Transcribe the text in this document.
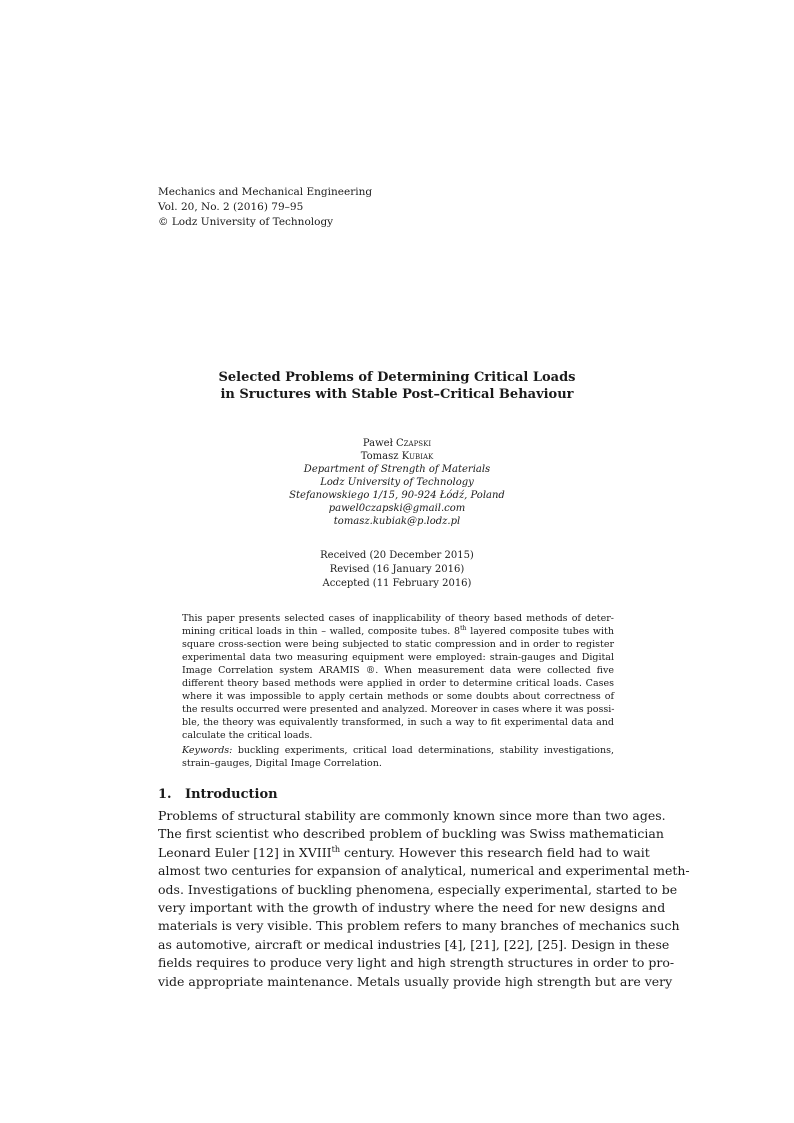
Mechanics and Mechanical Engineering
Vol. 20, No. 2 (2016) 79–95
© Lodz University of Technology
Selected Problems of Determining Critical Loads
in Sructures with Stable Post–Critical Behaviour
Paweł Czapski
Tomasz Kubiak
Department of Strength of Materials
Lodz University of Technology
Stefanowskiego 1/15, 90-924 Łódź, Poland
pawel0czapski@gmail.com
tomasz.kubiak@p.lodz.pl
Received (20 December 2015)
Revised (16 January 2016)
Accepted (11 February 2016)
This paper presents selected cases of inapplicability of theory based methods of deter-
mining critical loads in thin – walled, composite tubes. 8th layered composite tubes with
square cross-section were being subjected to static compression and in order to register
experimental data two measuring equipment were employed: strain-gauges and Digital
Image Correlation system ARAMIS ®. When measurement data were collected five
different theory based methods were applied in order to determine critical loads. Cases
where it was impossible to apply certain methods or some doubts about correctness of
the results occurred were presented and analyzed. Moreover in cases where it was possi-
ble, the theory was equivalently transformed, in such a way to fit experimental data and
calculate the critical loads.
Keywords: buckling experiments, critical load determinations, stability investigations,
strain–gauges, Digital Image Correlation.
1. Introduction
Problems of structural stability are commonly known since more than two ages.
The first scientist who described problem of buckling was Swiss mathematician
Leonard Euler [12] in XVIIIth century. However this research field had to wait
almost two centuries for expansion of analytical, numerical and experimental meth-
ods. Investigations of buckling phenomena, especially experimental, started to be
very important with the growth of industry where the need for new designs and
materials is very visible. This problem refers to many branches of mechanics such
as automotive, aircraft or medical industries [4], [21], [22], [25]. Design in these
fields requires to produce very light and high strength structures in order to pro-
vide appropriate maintenance. Metals usually provide high strength but are very
